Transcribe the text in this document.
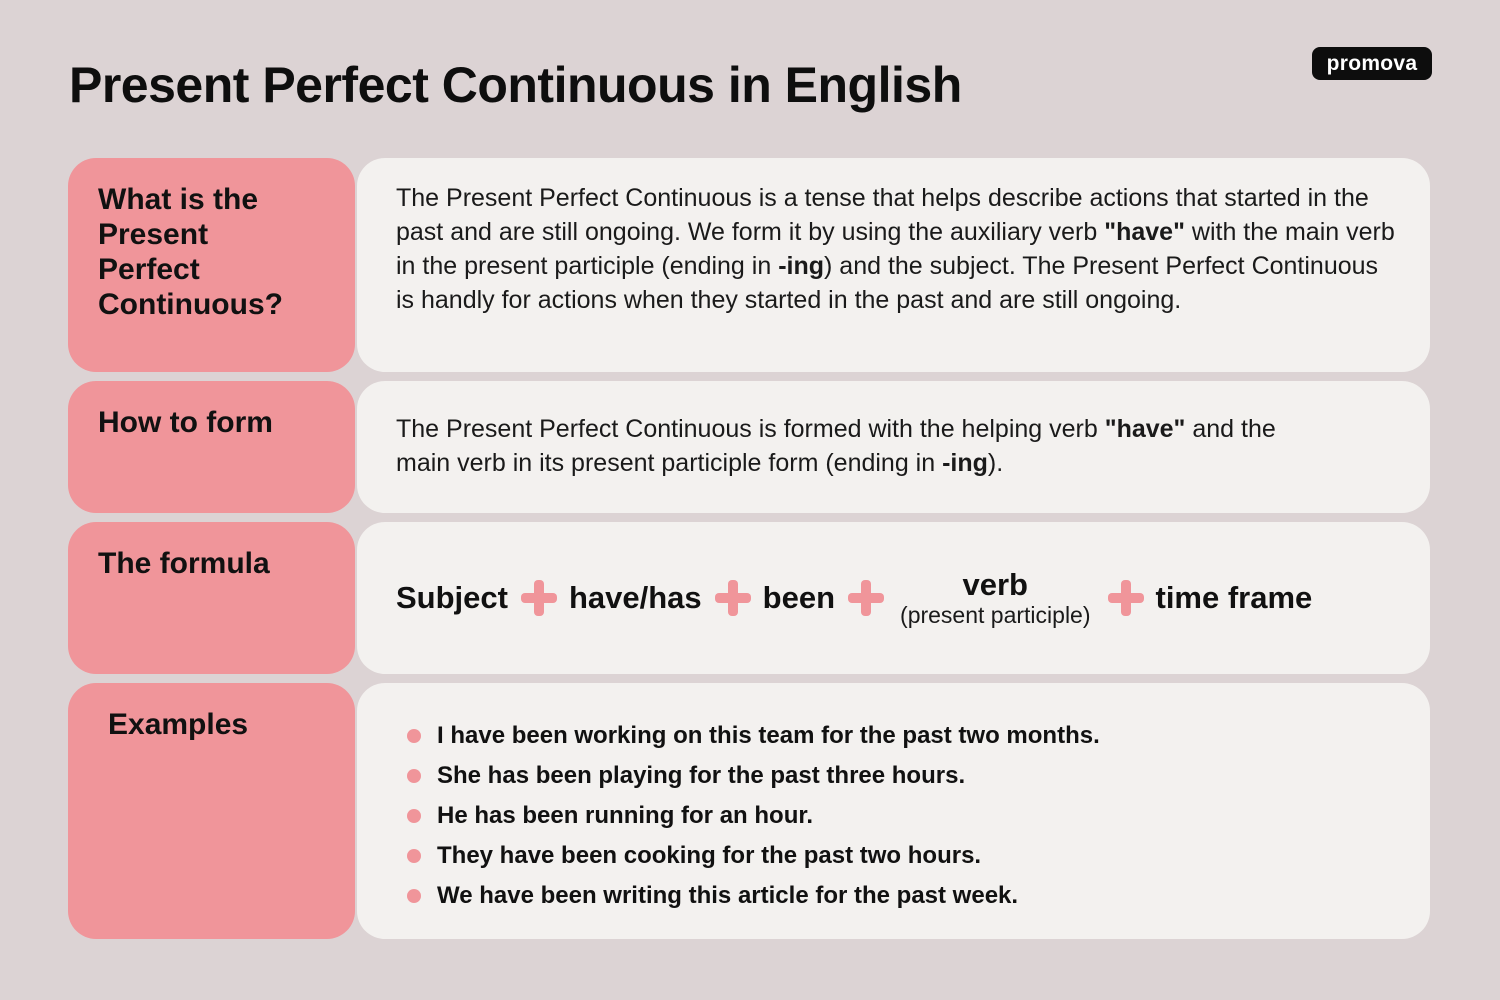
Present Perfect Continuous in English	promova
What is the
Present
Perfect
Continuous?

The Present Perfect Continuous is a tense that helps describe actions that started in the past and are still ongoing. We form it by using the auxiliary verb "have" with the main verb in the present participle (ending in -ing) and the subject. The Present Perfect Continuous is handly for actions when they started in the past and are still ongoing.

How to form	The Present Perfect Continuous is formed with the helping verb "have" and the main verb in its present participle form (ending in -ing).

The formula
Subject have/has been	verb
(present participle) time frame
Examples	I have been working on this team for the past two months.
She has been playing for the past three hours.
He has been running for an hour.
They have been cooking for the past two hours.
We have been writing this article for the past week.
